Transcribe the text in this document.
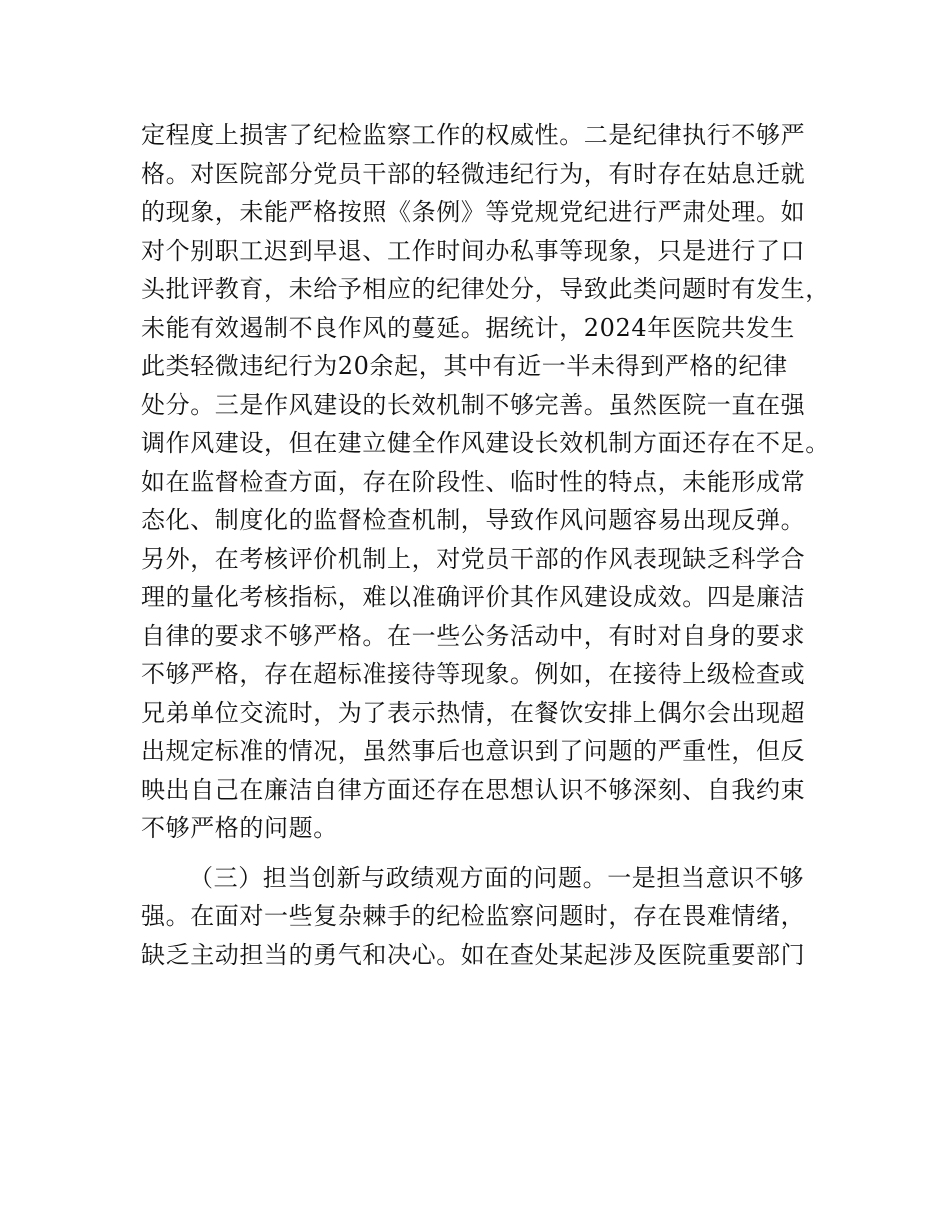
定程度上损害了纪检监察工作的权威性。二是纪律执行不够严
格。对医院部分党员干部的轻微违纪行为，有时存在姑息迁就
的现象，未能严格按照《条例》等党规党纪进行严肃处理。如
对个别职工迟到早退、工作时间办私事等现象，只是进行了口
头批评教育，未给予相应的纪律处分，导致此类问题时有发生，
未能有效遏制不良作风的蔓延。据统计，2024年医院共发生
此类轻微违纪行为20余起，其中有近一半未得到严格的纪律
处分。三是作风建设的长效机制不够完善。虽然医院一直在强
调作风建设，但在建立健全作风建设长效机制方面还存在不足。
如在监督检查方面，存在阶段性、临时性的特点，未能形成常
态化、制度化的监督检查机制，导致作风问题容易出现反弹。
另外，在考核评价机制上，对党员干部的作风表现缺乏科学合
理的量化考核指标，难以准确评价其作风建设成效。四是廉洁
自律的要求不够严格。在一些公务活动中，有时对自身的要求
不够严格，存在超标准接待等现象。例如，在接待上级检查或
兄弟单位交流时，为了表示热情，在餐饮安排上偶尔会出现超
出规定标准的情况，虽然事后也意识到了问题的严重性，但反
映出自己在廉洁自律方面还存在思想认识不够深刻、自我约束
不够严格的问题。
（三）担当创新与政绩观方面的问题。一是担当意识不够
强。在面对一些复杂棘手的纪检监察问题时，存在畏难情绪，
缺乏主动担当的勇气和决心。如在查处某起涉及医院重要部门
